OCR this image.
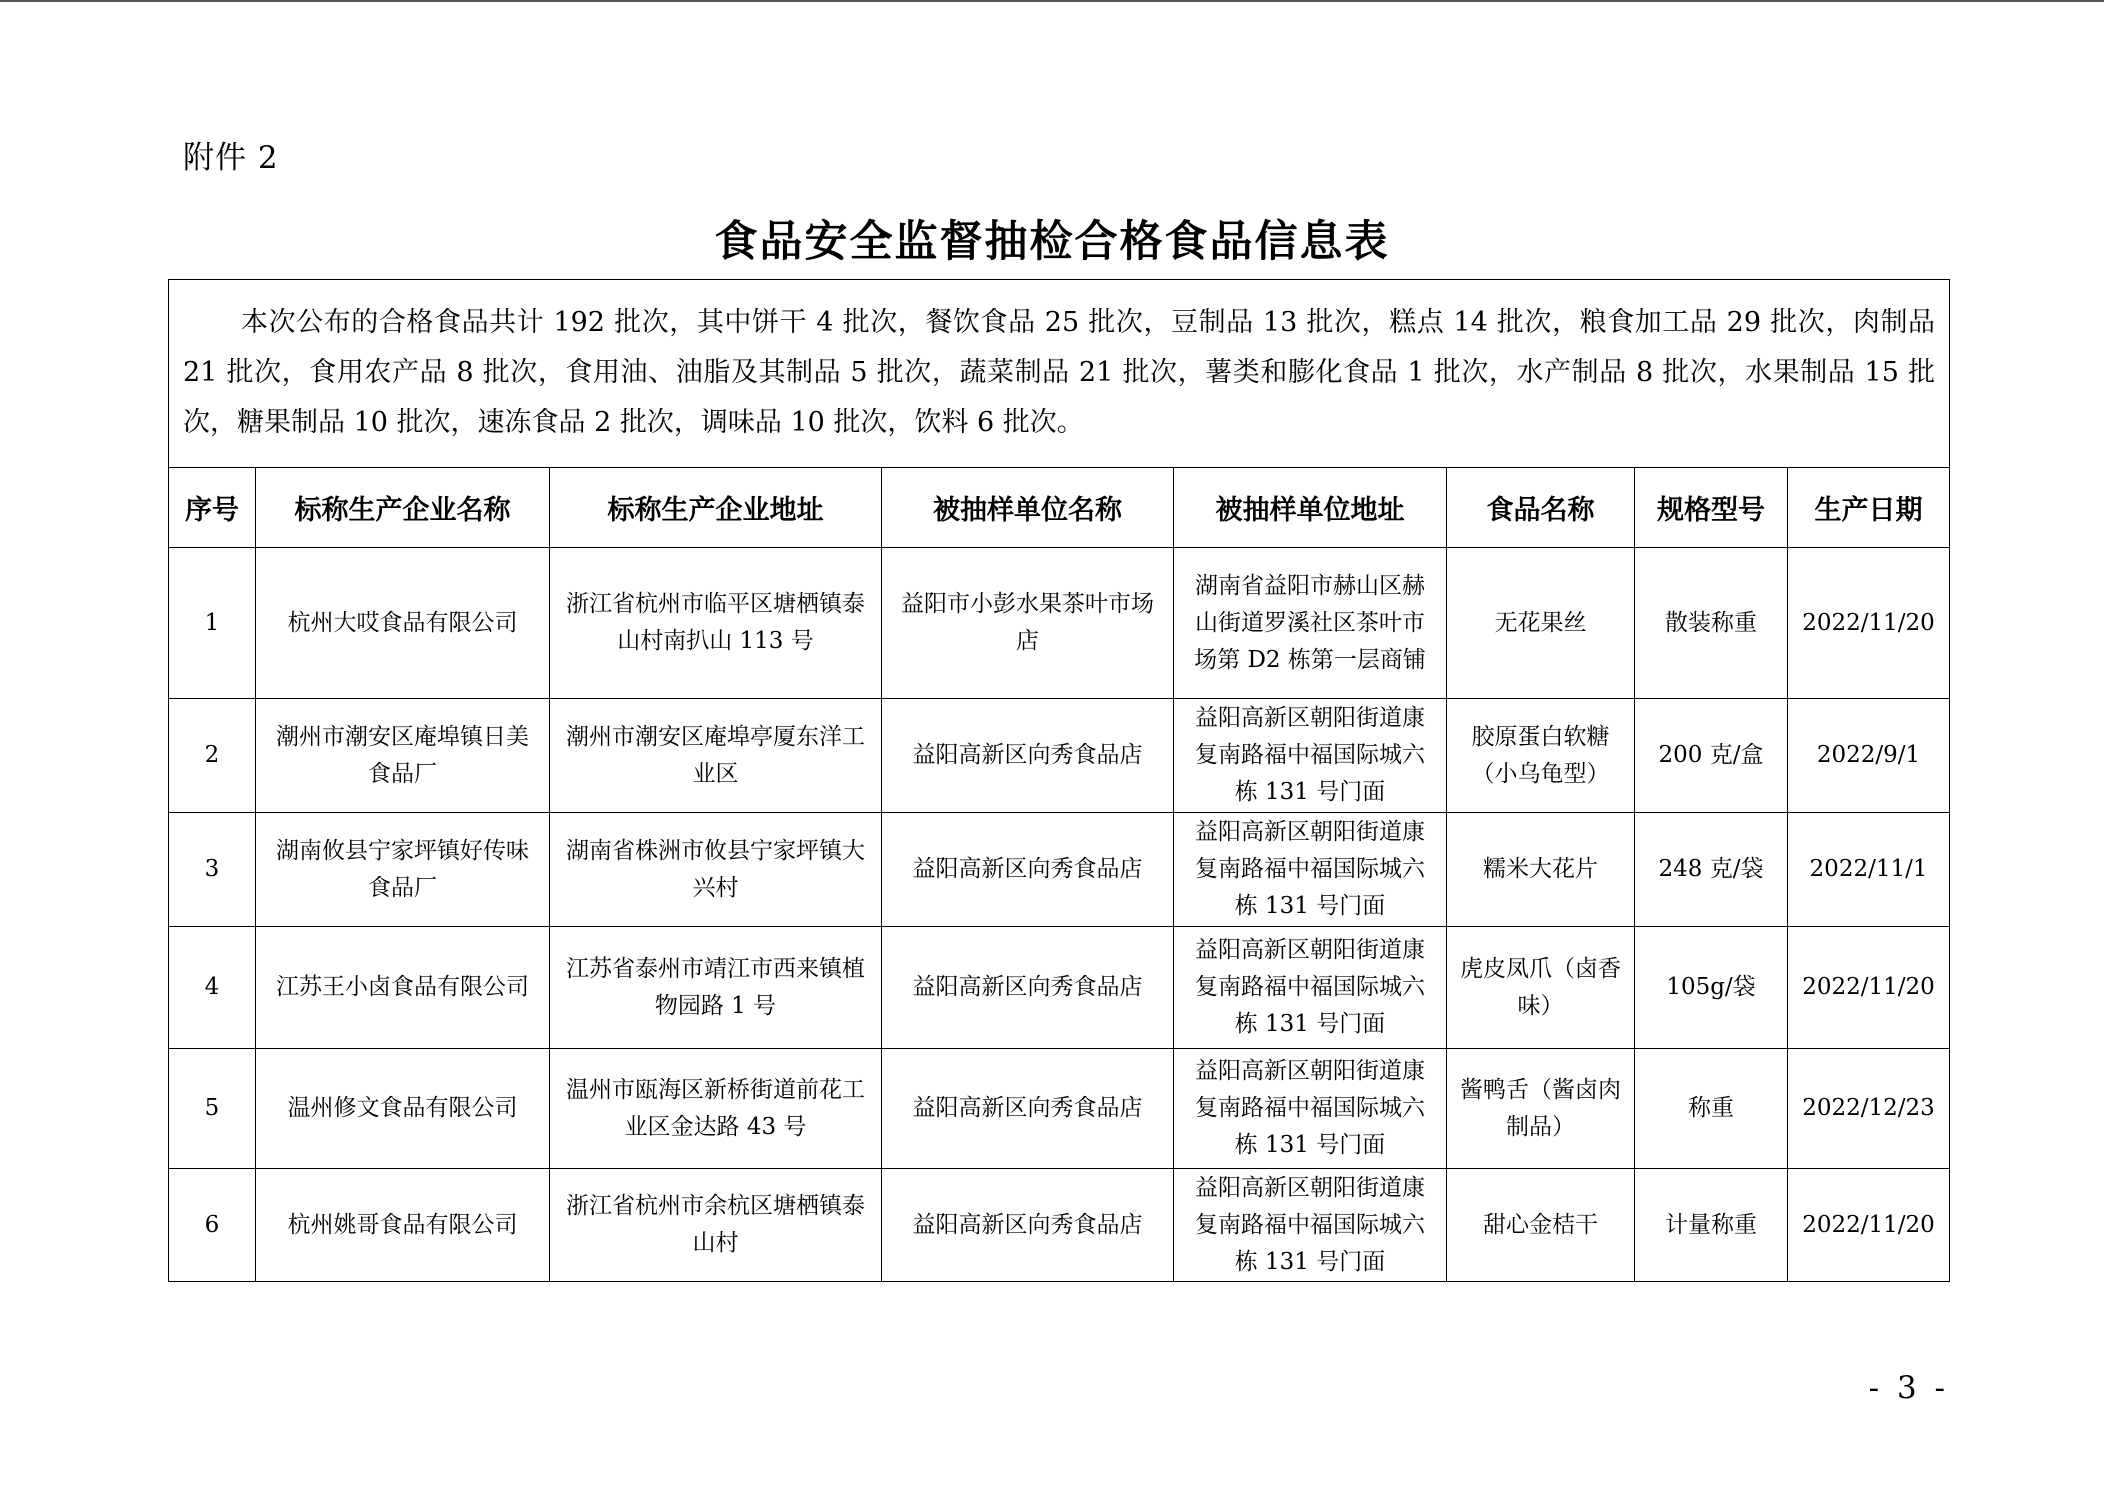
附件 2
食品安全监督抽检合格食品信息表
本次公布的合格食品共计 192 批次，其中饼干 4 批次，餐饮食品 25 批次，豆制品 13 批次，糕点 14 批次，粮食加工品 29 批次，肉制品 21 批次，食用农产品 8 批次，食用油、油脂及其制品 5 批次，蔬菜制品 21 批次，薯类和膨化食品 1 批次，水产制品 8 批次，水果制品 15 批次，糖果制品 10 批次，速冻食品 2 批次，调味品 10 批次，饮料 6 批次。							

序号	标称生产企业名称	标称生产企业地址	被抽样单位名称	被抽样单位地址	食品名称	规格型号	生产日期
1	杭州大哎食品有限公司	浙江省杭州市临平区塘栖镇泰山村南扒山 113 号	益阳市小彭水果茶叶市场店	湖南省益阳市赫山区赫山街道罗溪社区茶叶市场第 D2 栋第一层商铺	无花果丝	散装称重	2022/11/20
2	潮州市潮安区庵埠镇日美食品厂	潮州市潮安区庵埠亭厦东洋工业区	益阳高新区向秀食品店	益阳高新区朝阳街道康复南路福中福国际城六栋 131 号门面	胶原蛋白软糖（小乌龟型）	200 克/盒	2022/9/1
3	湖南攸县宁家坪镇好传味食品厂	湖南省株洲市攸县宁家坪镇大兴村	益阳高新区向秀食品店	益阳高新区朝阳街道康复南路福中福国际城六栋 131 号门面	糯米大花片	248 克/袋	2022/11/1
4	江苏王小卤食品有限公司	江苏省泰州市靖江市西来镇植物园路 1 号	益阳高新区向秀食品店	益阳高新区朝阳街道康复南路福中福国际城六栋 131 号门面	虎皮凤爪（卤香味）	105g/袋	2022/11/20
5	温州修文食品有限公司	温州市瓯海区新桥街道前花工业区金达路 43 号	益阳高新区向秀食品店	益阳高新区朝阳街道康复南路福中福国际城六栋 131 号门面	酱鸭舌（酱卤肉制品）	称重	2022/12/23
6	杭州姚哥食品有限公司	浙江省杭州市余杭区塘栖镇泰山村	益阳高新区向秀食品店	益阳高新区朝阳街道康复南路福中福国际城六栋 131 号门面	甜心金桔干	计量称重	2022/11/20
- 3 -
